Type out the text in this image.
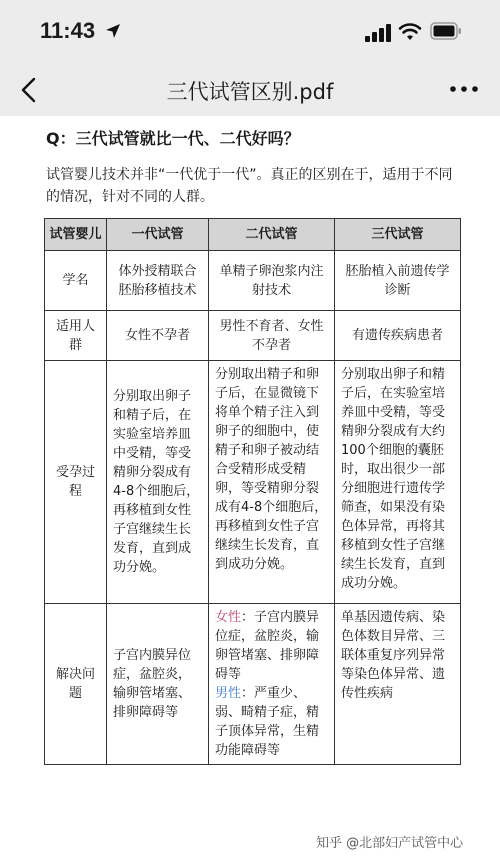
11:43
三代试管区别.pdf
Q：三代试管就比一代、二代好吗？
试管婴儿技术并非“一代优于一代”。真正的区别在于，适用于不同的情况，针对不同的人群。
试管婴儿	一代试管	二代试管	三代试管

学名	体外授精联合胚胎移植技术	单精子卵泡浆内注射技术	胚胎植入前遗传学诊断

适用人群	女性不孕者	男性不育者、女性不孕者	有遗传疾病患者

受孕过程	分别取出卵子和精子后，在实验室培养皿中受精，等受精卵分裂成有4-8个细胞后，再移植到女性子宫继续生长发育，直到成功分娩。	分别取出精子和卵子后，在显微镜下将单个精子注入到卵子的细胞中，使精子和卵子被动结合受精形成受精卵，等受精卵分裂成有4-8个细胞后，再移植到女性子宫继续生长发育，直到成功分娩。	分别取出卵子和精子后，在实验室培养皿中受精，等受精卵分裂成有大约100个细胞的囊胚时，取出很少一部分细胞进行遗传学筛查，如果没有染色体异常，再将其移植到女性子宫继续生长发育，直到成功分娩。

解决问题	子宫内膜异位症，盆腔炎，输卵管堵塞、排卵障碍等	女性：子宫内膜异位症，盆腔炎，输卵管堵塞、排卵障碍等
男性：严重少、弱、畸精子症，精子顶体异常，生精功能障碍等	单基因遗传病、染色体数目异常、三联体重复序列异常等染色体异常、遗传性疾病
知乎 @北部妇产试管中心
